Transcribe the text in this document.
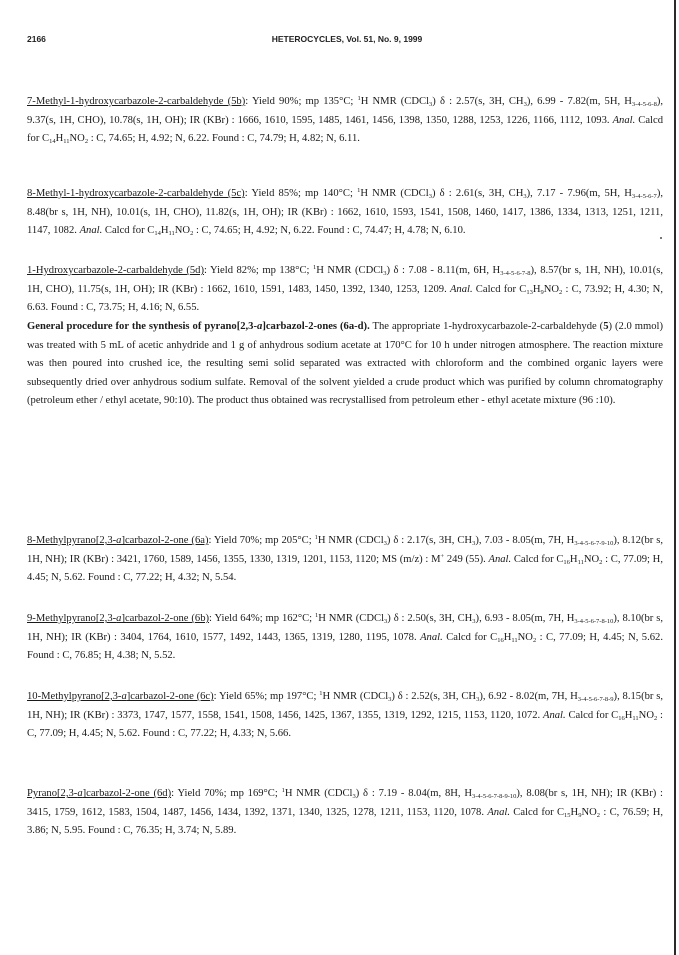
2166	HETEROCYCLES, Vol. 51, No. 9, 1999
7-Methyl-1-hydroxycarbazole-2-carbaldehyde (5b): Yield 90%; mp 135°C; $^1$H NMR (CDCl$_3$) δ : 2.57(s, 3H, $CH_3$), 6.99 - 7.82(m, 5H, $H_{3-4-5-6-8}$), 9.37(s, 1H, CHO), 10.78(s, 1H, OH); IR (KBr) : 1666, 1610, 1595, 1485, 1461, 1456, 1398, 1350, 1288, 1253, 1226, 1166, 1112, 1093. Anal. Calcd for $C_{14}H_{11}NO_2$ : C, 74.65; H, 4.92; N, 6.22. Found : C, 74.79; H, 4.82; N, 6.11.
8-Methyl-1-hydroxycarbazole-2-carbaldehyde (5c): Yield 85%; mp 140°C; $^1$H NMR (CDCl$_3$) δ : 2.61(s, 3H, $CH_3$), 7.17 - 7.96(m, 5H, $H_{3-4-5-6-7}$), 8.48(br s, 1H, NH), 10.01(s, 1H, CHO), 11.82(s, 1H, OH); IR (KBr) : 1662, 1610, 1593, 1541, 1508, 1460, 1417, 1386, 1334, 1313, 1251, 1211, 1147, 1082. Anal. Calcd for $C_{14}H_{11}NO_2$ : C, 74.65; H, 4.92; N, 6.22. Found : C, 74.47; H, 4.78; N, 6.10.
1-Hydroxycarbazole-2-carbaldehyde (5d): Yield 82%; mp 138°C; $^1$H NMR (CDCl$_3$) δ : 7.08 - 8.11(m, 6H, $H_{3-4-5-6-7-8}$), 8.57(br s, 1H, NH), 10.01(s, 1H, CHO), 11.75(s, 1H, OH); IR (KBr) : 1662, 1610, 1591, 1483, 1450, 1392, 1340, 1253, 1209. Anal. Calcd for $C_{13}H_9NO_2$ : C, 73.92; H, 4.30; N, 6.63. Found : C, 73.75; H, 4.16; N, 6.55.
General procedure for the synthesis of pyrano[2,3-a]carbazol-2-ones (6a-d). The appropriate 1-hydroxycarbazole-2-carbaldehyde (5) (2.0 mmol) was treated with 5 mL of acetic anhydride and 1 g of anhydrous sodium acetate at 170°C for 10 h under nitrogen atmosphere. The reaction mixture was then poured into crushed ice, the resulting semi solid separated was extracted with chloroform and the combined organic layers were subsequently dried over anhydrous sodium sulfate. Removal of the solvent yielded a crude product which was purified by column chromatography (petroleum ether / ethyl acetate, 90:10). The product thus obtained was recrystallised from petroleum ether - ethyl acetate mixture (96 :10).
8-Methylpyrano[2,3-a]carbazol-2-one (6a): Yield 70%; mp 205°C; $^1$H NMR (CDCl$_3$) δ : 2.17(s, 3H, $CH_3$), 7.03 - 8.05(m, 7H, $H_{3-4-5-6-7-9-10}$), 8.12(br s, 1H, NH); IR (KBr) : 3421, 1760, 1589, 1456, 1355, 1330, 1319, 1201, 1153, 1120; MS (m/z) : M+ 249 (55). Anal. Calcd for $C_{16}H_{11}NO_2$ : C, 77.09; H, 4.45; N, 5.62. Found : C, 77.22; H, 4.32; N, 5.54.
9-Methylpyrano[2,3-a]carbazol-2-one (6b): Yield 64%; mp 162°C; $^1$H NMR (CDCl$_3$) δ : 2.50(s, 3H, $CH_3$), 6.93 - 8.05(m, 7H, $H_{3-4-5-6-7-8-10}$), 8.10(br s, 1H, NH); IR (KBr) : 3404, 1764, 1610, 1577, 1492, 1443, 1365, 1319, 1280, 1195, 1078. Anal. Calcd for $C_{16}H_{11}NO_2$ : C, 77.09; H, 4.45; N, 5.62. Found : C, 76.85; H, 4.38; N, 5.52.
10-Methylpyrano[2,3-a]carbazol-2-one (6c): Yield 65%; mp 197°C; $^1$H NMR (CDCl$_3$) δ : 2.52(s, 3H, $CH_3$), 6.92 - 8.02(m, 7H, $H_{3-4-5-6-7-8-9}$), 8.15(br s, 1H, NH); IR (KBr) : 3373, 1747, 1577, 1558, 1541, 1508, 1456, 1425, 1367, 1355, 1319, 1292, 1215, 1153, 1120, 1072. Anal. Calcd for $C_{16}H_{11}NO_2$ : C, 77.09; H, 4.45; N, 5.62. Found : C, 77.22; H, 4.33; N, 5.66.
Pyrano[2,3-a]carbazol-2-one (6d): Yield 70%; mp 169°C; $^1$H NMR (CDCl$_3$) δ : 7.19 - 8.04(m, 8H, $H_{3-4-5-6-7-8-9-10}$), 8.08(br s, 1H, NH); IR (KBr) : 3415, 1759, 1612, 1583, 1504, 1487, 1456, 1434, 1392, 1371, 1340, 1325, 1278, 1211, 1153, 1120, 1078. Anal. Calcd for $C_{15}H_9NO_2$ : C, 76.59; H, 3.86; N, 5.95. Found : C, 76.35; H, 3.74; N, 5.89.
